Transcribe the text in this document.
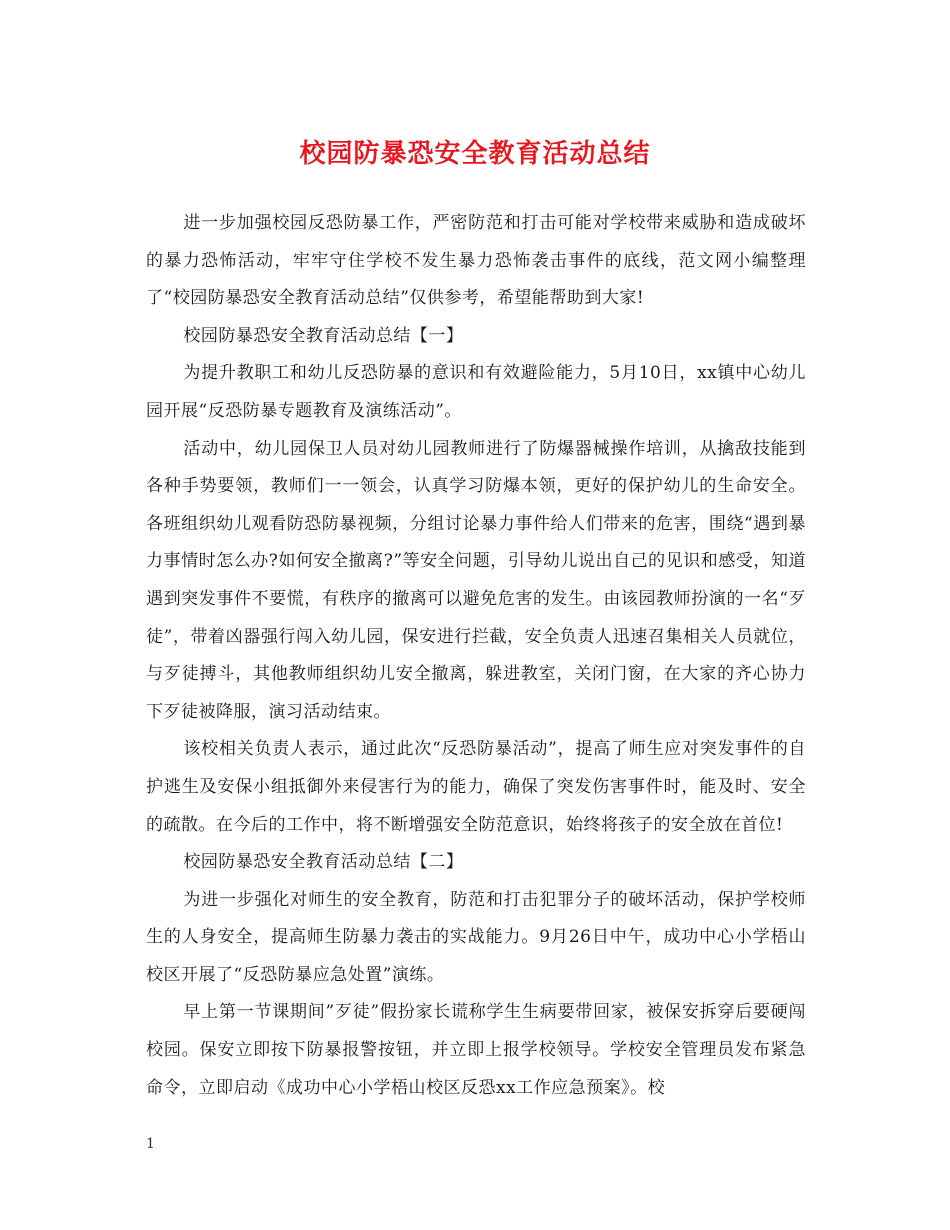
校园防暴恐安全教育活动总结

进一步加强校园反恐防暴工作，严密防范和打击可能对学校带来威胁和造成破坏的暴力恐怖活动，牢牢守住学校不发生暴力恐怖袭击事件的底线，范文网小编整理了“校园防暴恐安全教育活动总结”仅供参考，希望能帮助到大家!

校园防暴恐安全教育活动总结【一】

为提升教职工和幼儿反恐防暴的意识和有效避险能力，5月10日，xx镇中心幼儿园开展“反恐防暴专题教育及演练活动”。

活动中，幼儿园保卫人员对幼儿园教师进行了防爆器械操作培训，从擒敌技能到各种手势要领，教师们一一领会，认真学习防爆本领，更好的保护幼儿的生命安全。各班组织幼儿观看防恐防暴视频，分组讨论暴力事件给人们带来的危害，围绕“遇到暴力事情时怎么办?如何安全撤离?”等安全问题，引导幼儿说出自己的见识和感受，知道遇到突发事件不要慌，有秩序的撤离可以避免危害的发生。由该园教师扮演的一名“歹徒”，带着凶器强行闯入幼儿园，保安进行拦截，安全负责人迅速召集相关人员就位，与歹徒搏斗，其他教师组织幼儿安全撤离，躲进教室，关闭门窗，在大家的齐心协力下歹徒被降服，演习活动结束。

该校相关负责人表示，通过此次“反恐防暴活动”，提高了师生应对突发事件的自护逃生及安保小组抵御外来侵害行为的能力，确保了突发伤害事件时，能及时、安全的疏散。在今后的工作中，将不断增强安全防范意识，始终将孩子的安全放在首位!

校园防暴恐安全教育活动总结【二】

为进一步强化对师生的安全教育，防范和打击犯罪分子的破坏活动，保护学校师生的人身安全，提高师生防暴力袭击的实战能力。9月26日中午，成功中心小学梧山校区开展了“反恐防暴应急处置”演练。

早上第一节课期间”歹徒”假扮家长谎称学生生病要带回家，被保安拆穿后要硬闯校园。保安立即按下防暴报警按钮，并立即上报学校领导。学校安全管理员发布紧急命令，立即启动《成功中心小学梧山校区反恐xx工作应急预案》。校

1
